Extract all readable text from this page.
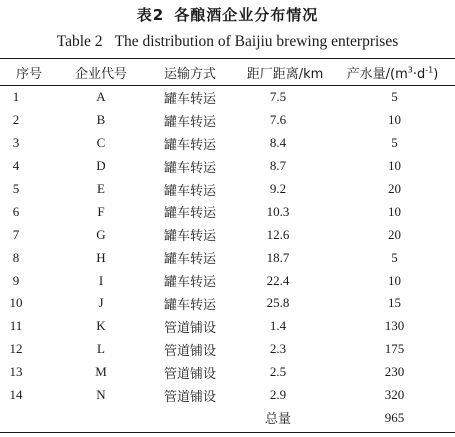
表2 各酿酒企业分布情况
Table 2 The distribution of Baijiu brewing enterprises
序号	企业代号	运输方式	距厂距离/km	产水量$/(m^3\cdot d^{-1})$
1	A	罐车转运	7.5	5
2	B	罐车转运	7.6	10
3	C	罐车转运	8.4	5
4	D	罐车转运	8.7	10
5	E	罐车转运	9.2	20
6	F	罐车转运	10.3	10
7	G	罐车转运	12.6	20
8	H	罐车转运	18.7	5
9	I	罐车转运	22.4	10
10	J	罐车转运	25.8	15
11	K	管道铺设	1.4	130
12	L	管道铺设	2.3	175
13	M	管道铺设	2.5	230
14	N	管道铺设	2.9	320
			总量	965
